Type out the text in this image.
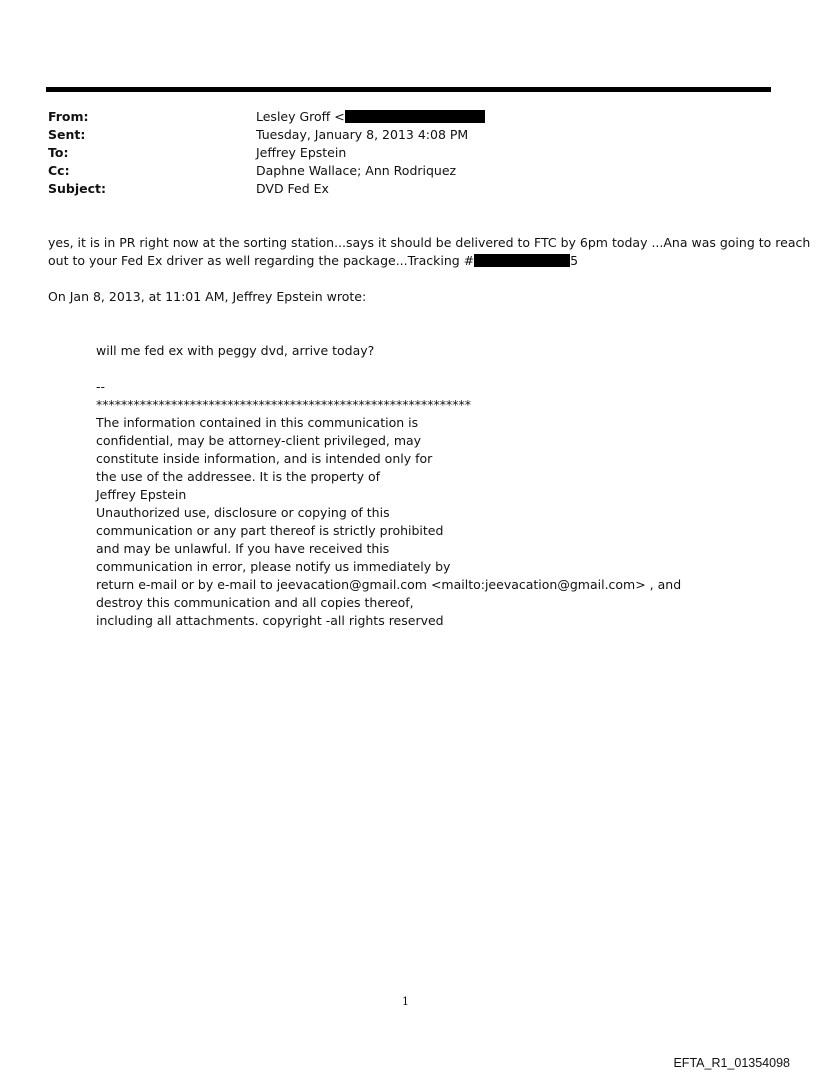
From:	Lesley Groff <
Sent:	Tuesday, January 8, 2013 4:08 PM
To:	Jeffrey Epstein
Cc:	Daphne Wallace; Ann Rodriquez
Subject:	DVD Fed Ex
yes, it is in PR right now at the sorting station...says it should be delivered to FTC by 6pm today ...Ana was going to reach
out to your Fed Ex driver as well regarding the package...Tracking #	5
On Jan 8, 2013, at 11:01 AM, Jeffrey Epstein wrote:
will me fed ex with peggy dvd, arrive today?
--
************************************************************
The information contained in this communication is
confidential, may be attorney-client privileged, may
constitute inside information, and is intended only for
the use of the addressee. It is the property of
Jeffrey Epstein
Unauthorized use, disclosure or copying of this
communication or any part thereof is strictly prohibited
and may be unlawful. If you have received this
communication in error, please notify us immediately by
return e-mail or by e-mail to jeevacation@gmail.com <mailto:jeevacation@gmail.com> , and
destroy this communication and all copies thereof,
including all attachments. copyright -all rights reserved
1
EFTA_R1_01354098
